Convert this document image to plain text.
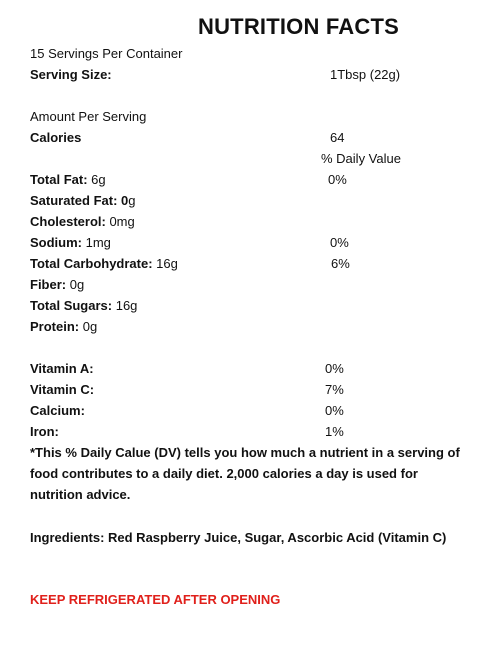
NUTRITION FACTS
15 Servings Per Container
Serving Size:	1Tbsp (22g)
Amount Per Serving
Calories	64
% Daily Value
Total Fat: 6g	0%
Saturated Fat: 0g
Cholesterol: 0mg
Sodium: 1mg	0%
Total Carbohydrate: 16g	6%
Fiber: 0g
Total Sugars: 16g
Protein: 0g
Vitamin A:	0%
Vitamin C:	7%
Calcium:	0%
Iron:	1%
*This % Daily Calue (DV) tells you how much a nutrient in a serving of food contributes to a daily diet. 2,000 calories a day is used for nutrition advice.
Ingredients: Red Raspberry Juice, Sugar, Ascorbic Acid (Vitamin C)
KEEP REFRIGERATED AFTER OPENING
